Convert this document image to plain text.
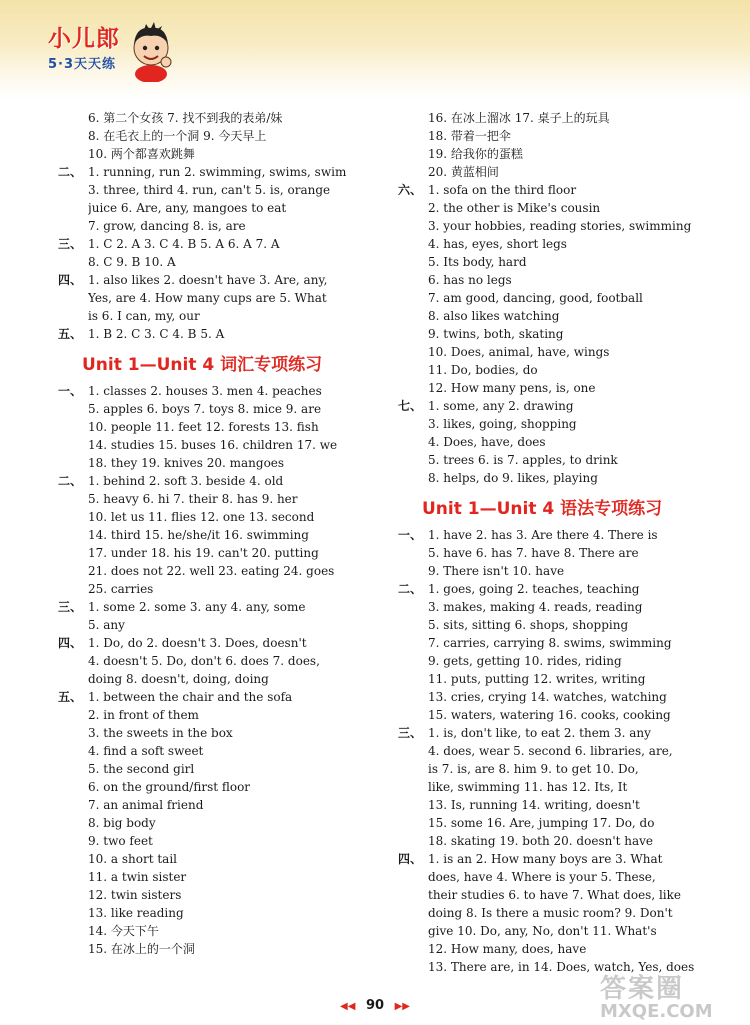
小儿郎
5·3天天练
6. 第二个女孩 7. 找不到我的表弟/妹
8. 在毛衣上的一个洞 9. 今天早上
10. 两个都喜欢跳舞
二、 1. running, run 2. swimming, swims, swim
3. three, third 4. run, can't 5. is, orange
juice 6. Are, any, mangoes to eat
7. grow, dancing 8. is, are
三、 1. C 2. A 3. C 4. B 5. A 6. A 7. A
8. C 9. B 10. A
四、 1. also likes 2. doesn't have 3. Are, any,
Yes, are 4. How many cups are 5. What
is 6. I can, my, our
五、 1. B 2. C 3. C 4. B 5. A
Unit 1—Unit 4 词汇专项练习
一、 1. classes 2. houses 3. men 4. peaches
5. apples 6. boys 7. toys 8. mice 9. are
10. people 11. feet 12. forests 13. fish
14. studies 15. buses 16. children 17. we
18. they 19. knives 20. mangoes
二、 1. behind 2. soft 3. beside 4. old
5. heavy 6. hi 7. their 8. has 9. her
10. let us 11. flies 12. one 13. second
14. third 15. he/she/it 16. swimming
17. under 18. his 19. can't 20. putting
21. does not 22. well 23. eating 24. goes
25. carries
三、 1. some 2. some 3. any 4. any, some
5. any
四、 1. Do, do 2. doesn't 3. Does, doesn't
4. doesn't 5. Do, don't 6. does 7. does,
doing 8. doesn't, doing, doing
五、 1. between the chair and the sofa
2. in front of them
3. the sweets in the box
4. find a soft sweet
5. the second girl
6. on the ground/first floor
7. an animal friend
8. big body
9. two feet
10. a short tail
11. a twin sister
12. twin sisters
13. like reading
14. 今天下午
15. 在冰上的一个洞
16. 在冰上溜冰 17. 桌子上的玩具
18. 带着一把伞
19. 给我你的蛋糕
20. 黄蓝相间
六、 1. sofa on the third floor
2. the other is Mike's cousin
3. your hobbies, reading stories, swimming
4. has, eyes, short legs
5. Its body, hard
6. has no legs
7. am good, dancing, good, football
8. also likes watching
9. twins, both, skating
10. Does, animal, have, wings
11. Do, bodies, do
12. How many pens, is, one
七、 1. some, any 2. drawing
3. likes, going, shopping
4. Does, have, does
5. trees 6. is 7. apples, to drink
8. helps, do 9. likes, playing
Unit 1—Unit 4 语法专项练习
一、 1. have 2. has 3. Are there 4. There is
5. have 6. has 7. have 8. There are
9. There isn't 10. have
二、 1. goes, going 2. teaches, teaching
3. makes, making 4. reads, reading
5. sits, sitting 6. shops, shopping
7. carries, carrying 8. swims, swimming
9. gets, getting 10. rides, riding
11. puts, putting 12. writes, writing
13. cries, crying 14. watches, watching
15. waters, watering 16. cooks, cooking
三、 1. is, don't like, to eat 2. them 3. any
4. does, wear 5. second 6. libraries, are,
is 7. is, are 8. him 9. to get 10. Do,
like, swimming 11. has 12. Its, It
13. Is, running 14. writing, doesn't
15. some 16. Are, jumping 17. Do, do
18. skating 19. both 20. doesn't have
四、 1. is an 2. How many boys are 3. What
does, have 4. Where is your 5. These,
their studies 6. to have 7. What does, like
doing 8. Is there a music room? 9. Don't
give 10. Do, any, No, don't 11. What's
12. How many, does, have
13. There are, in 14. Does, watch, Yes, does
◀◀ 90 ▶▶
答案圈
MXQE.COM
